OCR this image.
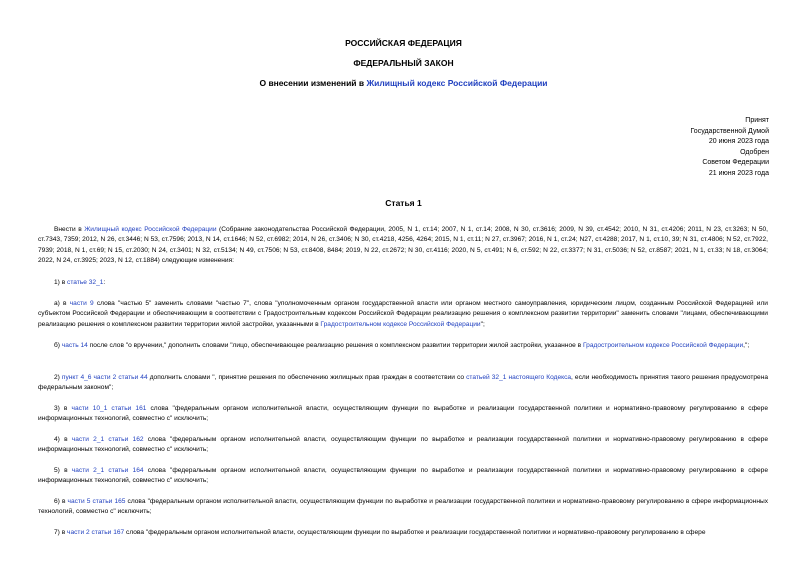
РОССИЙСКАЯ ФЕДЕРАЦИЯ
ФЕДЕРАЛЬНЫЙ ЗАКОН
О внесении изменений в Жилищный кодекс Российской Федерации
Принят
Государственной Думой
20 июня 2023 года
Одобрен
Советом Федерации
21 июня 2023 года
Статья 1
Внести в Жилищный кодекс Российской Федерации (Собрание законодательства Российской Федерации, 2005, N 1, ст.14; 2007, N 1, ст.14; 2008, N 30, ст.3616; 2009, N 39, ст.4542; 2010, N 31, ст.4206; 2011, N 23, ст.3263; N 50, ст.7343, 7359; 2012, N 26, ст.3446; N 53, ст.7596; 2013, N 14, ст.1646; N 52, ст.6982; 2014, N 26, ст.3406; N 30, ст.4218, 4256, 4264; 2015, N 1, ст.11; N 27, ст.3967; 2016, N 1, ст.24; N27, ст.4288; 2017, N 1, ст.10, 39; N 31, ст.4806; N 52, ст.7922, 7939; 2018, N 1, ст.69; N 15, ст.2030; N 24, ст.3401; N 32, ст.5134; N 49, ст.7506; N 53, ст.8408, 8484; 2019, N 22, ст.2672; N 30, ст.4116; 2020, N 5, ст.491; N 6, ст.592; N 22, ст.3377; N 31, ст.5036; N 52, ст.8587; 2021, N 1, ст.33; N 18, ст.3064; 2022, N 24, ст.3925; 2023, N 12, ст.1884) следующие изменения:
1) в статье 32_1:
а) в части 9 слова "частью 5" заменить словами "частью 7", слова "уполномоченным органом государственной власти или органом местного самоуправления, юридическим лицом, созданным Российской Федерацией или субъектом Российской Федерации и обеспечивающим в соответствии с Градостроительным кодексом Российской Федерации реализацию решения о комплексном развитии территории" заменить словами "лицами, обеспечивающими реализацию решения о комплексном развитии территории жилой застройки, указанными в Градостроительном кодексе Российской Федерации";
б) часть 14 после слов "о вручении," дополнить словами "лицо, обеспечивающее реализацию решения о комплексном развитии территории жилой застройки, указанное в Градостроительном кодексе Российской Федерации,";
2) пункт 4_6 части 2 статьи 44 дополнить словами ", принятие решения по обеспечению жилищных прав граждан в соответствии со статьей 32_1 настоящего Кодекса, если необходимость принятия такого решения предусмотрена федеральным законом";
3) в части 10_1 статьи 161 слова "федеральным органом исполнительной власти, осуществляющим функции по выработке и реализации государственной политики и нормативно-правовому регулированию в сфере информационных технологий, совместно с" исключить;
4) в части 2_1 статьи 162 слова "федеральным органом исполнительной власти, осуществляющим функции по выработке и реализации государственной политики и нормативно-правовому регулированию в сфере информационных технологий, совместно с" исключить;
5) в части 2_1 статьи 164 слова "федеральным органом исполнительной власти, осуществляющим функции по выработке и реализации государственной политики и нормативно-правовому регулированию в сфере информационных технологий, совместно с" исключить;
6) в части 5 статьи 165 слова "федеральным органом исполнительной власти, осуществляющим функции по выработке и реализации государственной политики и нормативно-правовому регулированию в сфере информационных технологий, совместно с" исключить;
7) в части 2 статьи 167 слова "федеральным органом исполнительной власти, осуществляющим функции по выработке и реализации государственной политики и нормативно-правовому регулированию в сфере
